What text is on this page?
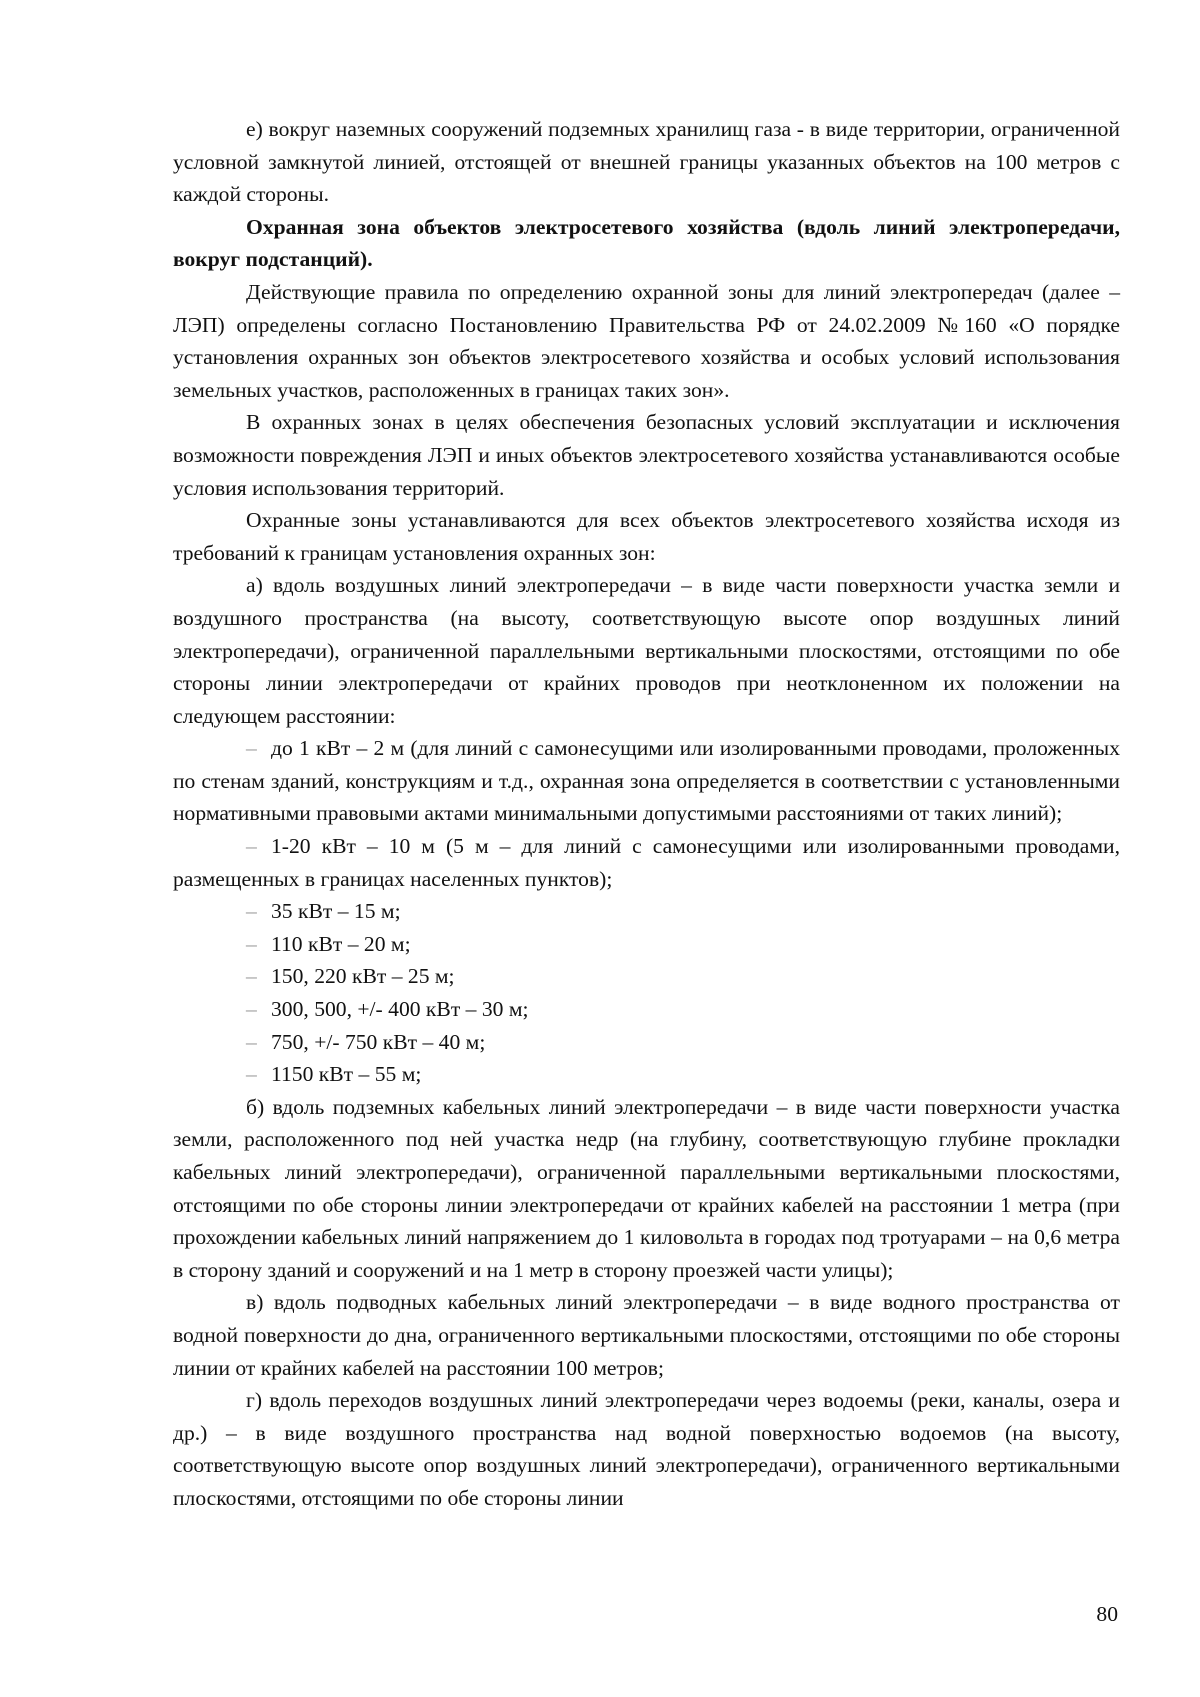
е) вокруг наземных сооружений подземных хранилищ газа - в виде территории, ограниченной условной замкнутой линией, отстоящей от внешней границы указанных объектов на 100 метров с каждой стороны.

Охранная зона объектов электросетевого хозяйства (вдоль линий электропередачи, вокруг подстанций).

Действующие правила по определению охранной зоны для линий электропередач (далее – ЛЭП) определены согласно Постановлению Правительства РФ от 24.02.2009 №160 «О порядке установления охранных зон объектов электросетевого хозяйства и особых условий использования земельных участков, расположенных в границах таких зон».

В охранных зонах в целях обеспечения безопасных условий эксплуатации и исключения возможности повреждения ЛЭП и иных объектов электросетевого хозяйства устанавливаются особые условия использования территорий.

Охранные зоны устанавливаются для всех объектов электросетевого хозяйства исходя из требований к границам установления охранных зон:

а) вдоль воздушных линий электропередачи – в виде части поверхности участка земли и воздушного пространства (на высоту, соответствующую высоте опор воздушных линий электропередачи), ограниченной параллельными вертикальными плоскостями, отстоящими по обе стороны линии электропередачи от крайних проводов при неотклоненном их положении на следующем расстоянии:

– до 1 кВт – 2 м (для линий с самонесущими или изолированными проводами, проложенных по стенам зданий, конструкциям и т.д., охранная зона определяется в соответствии с установленными нормативными правовыми актами минимальными допустимыми расстояниями от таких линий);

– 1-20 кВт – 10 м (5 м – для линий с самонесущими или изолированными проводами, размещенных в границах населенных пунктов);

– 35 кВт – 15 м;

– 110 кВт – 20 м;

– 150, 220 кВт – 25 м;

– 300, 500, +/- 400 кВт – 30 м;

– 750, +/- 750 кВт – 40 м;

– 1150 кВт – 55 м;

б) вдоль подземных кабельных линий электропередачи – в виде части поверхности участка земли, расположенного под ней участка недр (на глубину, соответствующую глубине прокладки кабельных линий электропередачи), ограниченной параллельными вертикальными плоскостями, отстоящими по обе стороны линии электропередачи от крайних кабелей на расстоянии 1 метра (при прохождении кабельных линий напряжением до 1 киловольта в городах под тротуарами – на 0,6 метра в сторону зданий и сооружений и на 1 метр в сторону проезжей части улицы);

в) вдоль подводных кабельных линий электропередачи – в виде водного пространства от водной поверхности до дна, ограниченного вертикальными плоскостями, отстоящими по обе стороны линии от крайних кабелей на расстоянии 100 метров;

г) вдоль переходов воздушных линий электропередачи через водоемы (реки, каналы, озера и др.) – в виде воздушного пространства над водной поверхностью водоемов (на высоту, соответствующую высоте опор воздушных линий электропередачи), ограниченного вертикальными плоскостями, отстоящими по обе стороны линии

80
